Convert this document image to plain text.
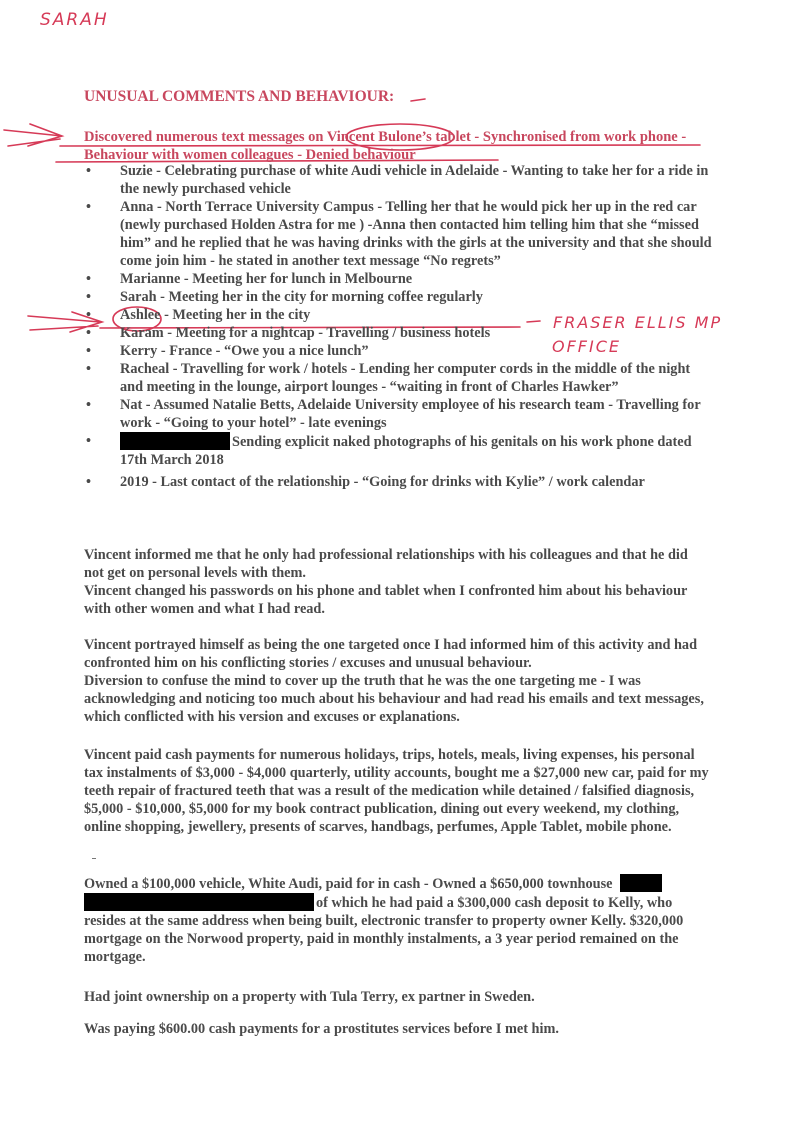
SARAH
FRASER ELLIS MP
OFFICE
UNUSUAL COMMENTS AND BEHAVIOUR:
Discovered numerous text messages on Vincent Bulone’s tablet - Synchronised from work phone - Behaviour with women colleagues - Denied behaviour
• Suzie - Celebrating purchase of white Audi vehicle in Adelaide - Wanting to take her for a ride in the newly purchased vehicle
• Anna - North Terrace University Campus - Telling her that he would pick her up in the red car (newly purchased Holden Astra for me ) -Anna then contacted him telling him that she “missed him” and he replied that he was having drinks with the girls at the university and that she should come join him - he stated in another text message “No regrets”
• Marianne - Meeting her for lunch in Melbourne
• Sarah - Meeting her in the city for morning coffee regularly
• Ashlee - Meeting her in the city
• Karam - Meeting for a nightcap - Travelling / business hotels
• Kerry - France - “Owe you a nice lunch”
• Racheal - Travelling for work / hotels - Lending her computer cords in the middle of the night and meeting in the lounge, airport lounges - “waiting in front of Charles Hawker”
• Nat - Assumed Natalie Betts, Adelaide University employee of his research team - Travelling for work - “Going to your hotel” - late evenings
• Sending explicit naked photographs of his genitals on his work phone dated 17th March 2018
• 2019 - Last contact of the relationship - “Going for drinks with Kylie” / work calendar

Vincent informed me that he only had professional relationships with his colleagues and that he did not get on personal levels with them.

Vincent changed his passwords on his phone and tablet when I confronted him about his behaviour with other women and what I had read.

Vincent portrayed himself as being the one targeted once I had informed him of this activity and had confronted him on his conflicting stories / excuses and unusual behaviour.

Diversion to confuse the mind to cover up the truth that he was the one targeting me - I was acknowledging and noticing too much about his behaviour and had read his emails and text messages, which conflicted with his version and excuses or explanations.

Vincent paid cash payments for numerous holidays, trips, hotels, meals, living expenses, his personal tax instalments of $3,000 - $4,000 quarterly, utility accounts, bought me a $27,000 new car, paid for my teeth repair of fractured teeth that was a result of the medication while detained / falsified diagnosis, $5,000 - $10,000, $5,000 for my book contract publication, dining out every weekend, my clothing, online shopping, jewellery, presents of scarves, handbags, perfumes, Apple Tablet, mobile phone.

Owned a $100,000 vehicle, White Audi, paid for in cash - Owned a $650,000 townhouse
of which he had paid a $300,000 cash deposit to Kelly, who resides at the same address when being built, electronic transfer to property owner Kelly. $320,000 mortgage on the Norwood property, paid in monthly instalments, a 3 year period remained on the mortgage.

Had joint ownership on a property with Tula Terry, ex partner in Sweden.

Was paying $600.00 cash payments for a prostitutes services before I met him.
